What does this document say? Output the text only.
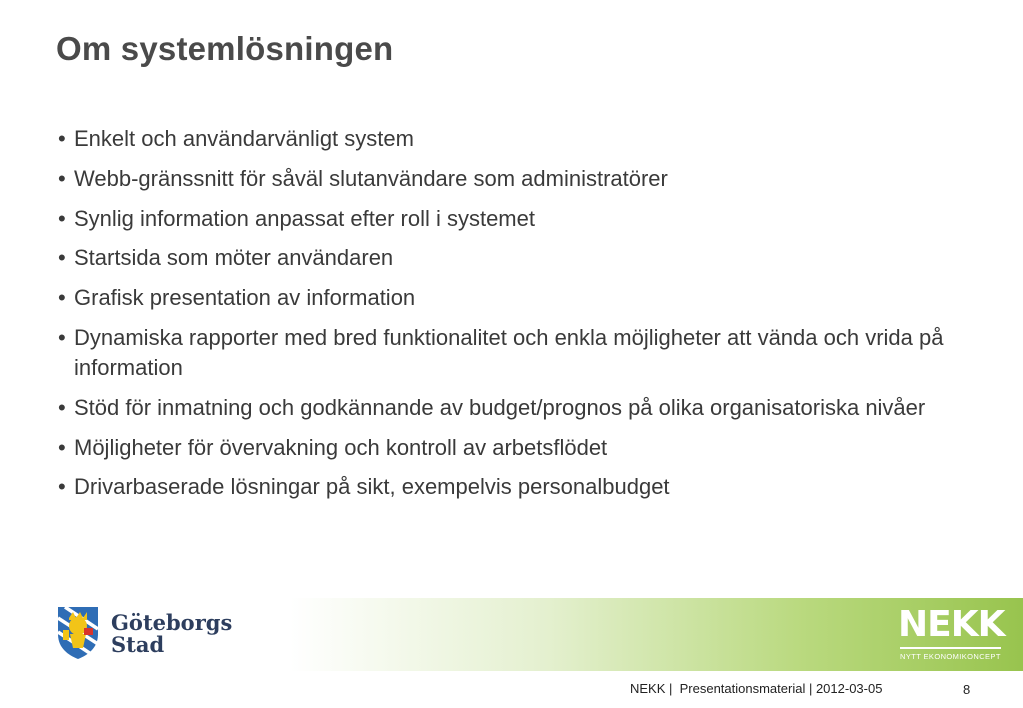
Om systemlösningen
• Enkelt och användarvänligt system
• Webb-gränssnitt för såväl slutanvändare som administratörer
• Synlig information anpassat efter roll i systemet
• Startsida som möter användaren
• Grafisk presentation av information
• Dynamiska rapporter med bred funktionalitet och enkla möjligheter att vända och vrida på information
• Stöd för inmatning och godkännande av budget/prognos på olika organisatoriska nivåer
• Möjligheter för övervakning och kontroll av arbetsflödet
• Drivarbaserade lösningar på sikt, exempelvis personalbudget
Göteborgs
Stad	NEKK
NYTT EKONOMIKONCEPT
NEKK |  Presentationsmaterial | 2012-03-05	8
